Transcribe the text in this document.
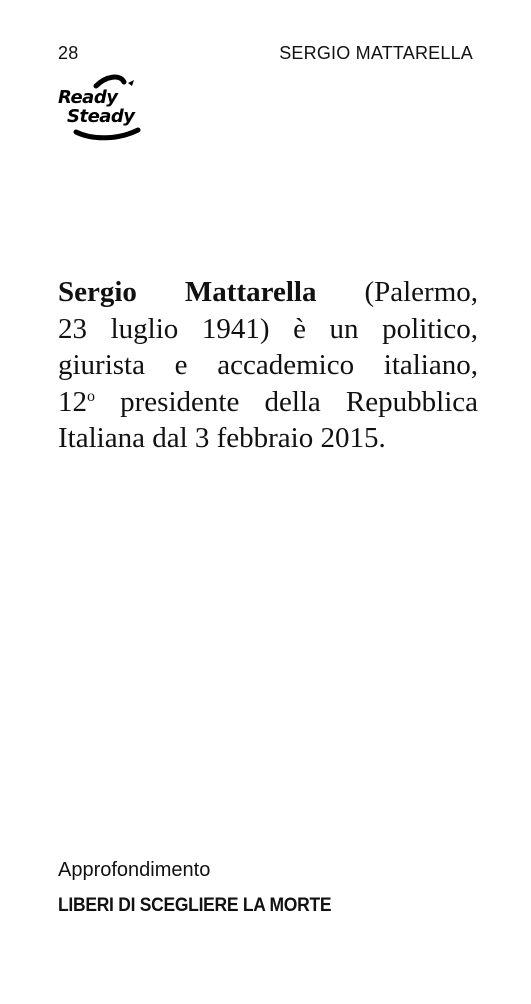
28	SERGIO MATTARELLA
Ready
Steady
Sergio Mattarella (Palermo,
23 luglio 1941) è un politico,
giurista e accademico italiano,
12$^o$ presidente della Repubblica
Italiana dal 3 febbraio 2015.
Approfondimento
LIBERI DI SCEGLIERE LA MORTE
